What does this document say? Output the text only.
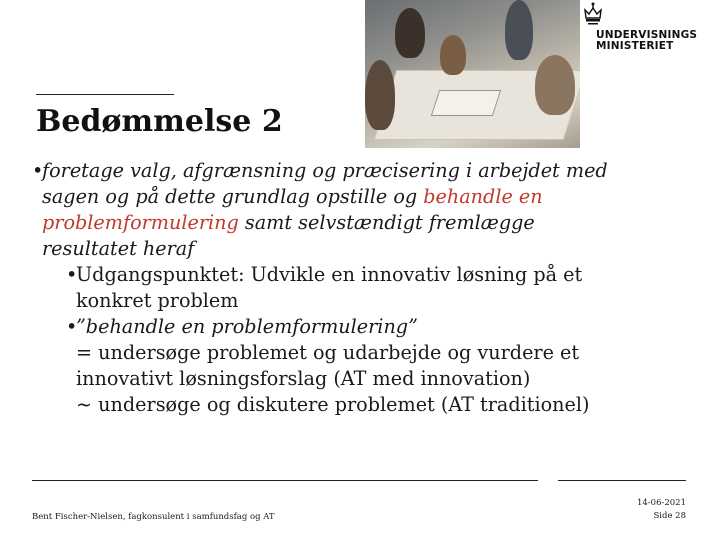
UNDERVISNINGS
MINISTERIET
Bedømmelse 2
•foretage valg, afgrænsning og præcisering i arbejdet med
sagen og på dette grundlag opstille og behandle en
problemformulering samt selvstændigt fremlægge
resultatet heraf
•Udgangspunktet: Udvikle en innovativ løsning på et
konkret problem
•”behandle en problemformulering”
= undersøge problemet og udarbejde og vurdere et
innovativt løsningsforslag (AT med innovation)
~ undersøge og diskutere problemet (AT traditionel)
Bent Fischer-Nielsen, fagkonsulent i samfundsfag og AT
14-06-2021
Side 28
